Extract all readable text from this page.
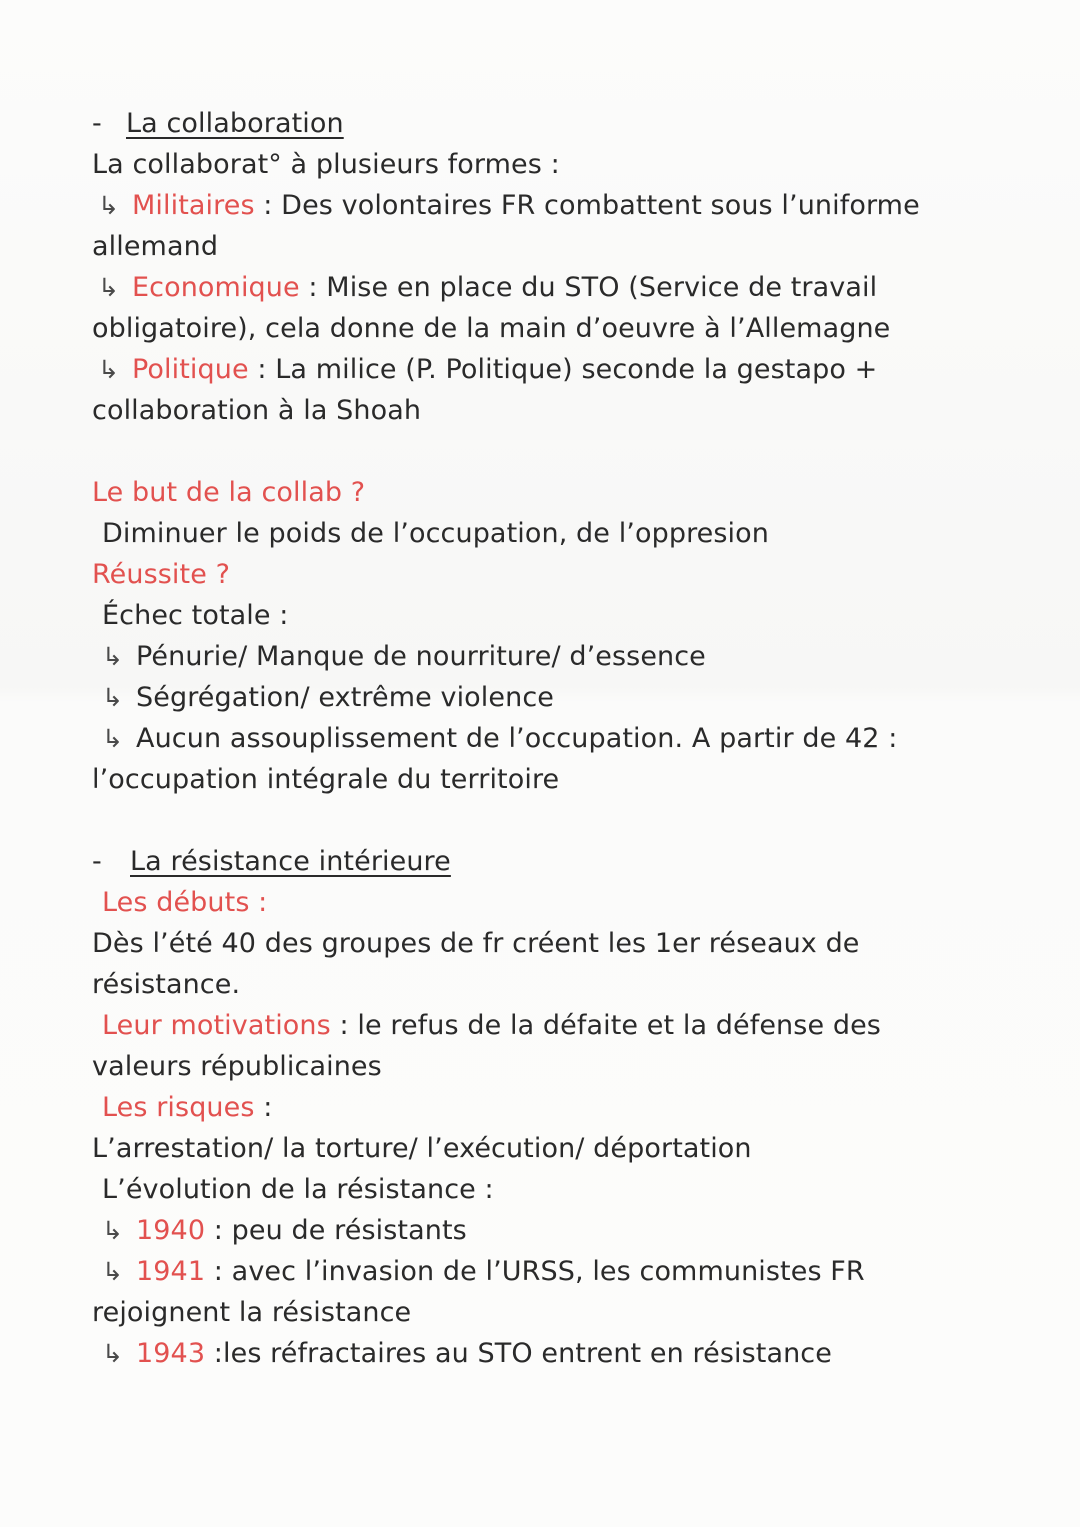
- La collaboration
La collaborat° à plusieurs formes :
↳ Militaires : Des volontaires FR combattent sous l’uniforme
allemand
↳ Economique : Mise en place du STO (Service de travail
obligatoire), cela donne de la main d’oeuvre à l’Allemagne
↳ Politique : La milice (P. Politique) seconde la gestapo +
collaboration à la Shoah
Le but de la collab ?
Diminuer le poids de l’occupation, de l’oppresion
Réussite ?
Échec totale :
↳ Pénurie/ Manque de nourriture/ d’essence
↳ Ségrégation/ extrême violence
↳ Aucun assouplissement de l’occupation. A partir de 42 :
l’occupation intégrale du territoire
- La résistance intérieure
Les débuts :
Dès l’été 40 des groupes de fr créent les 1er réseaux de
résistance.
Leur motivations : le refus de la défaite et la défense des
valeurs républicaines
Les risques :
L’arrestation/ la torture/ l’exécution/ déportation
L’évolution de la résistance :
↳ 1940 : peu de résistants
↳ 1941 : avec l’invasion de l’URSS, les communistes FR
rejoignent la résistance
↳ 1943 :les réfractaires au STO entrent en résistance
